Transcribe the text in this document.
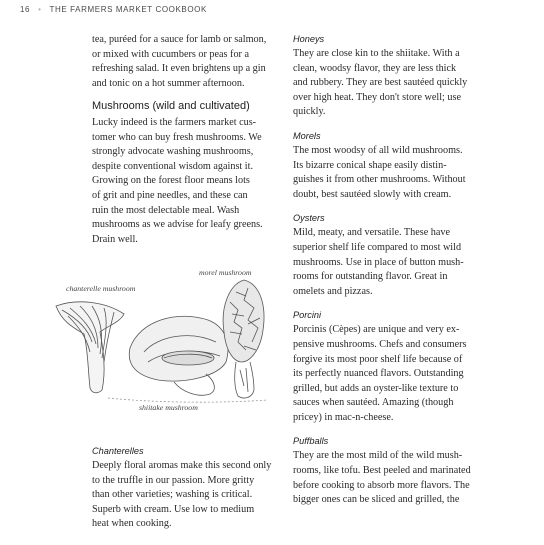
16 • THE FARMERS MARKET COOKBOOK

tea, puréed for a sauce for lamb or salmon,
or mixed with cucumbers or peas for a
refreshing salad. It even brightens up a gin
and tonic on a hot summer afternoon.

Mushrooms (wild and cultivated)

Lucky indeed is the farmers market cus-
tomer who can buy fresh mushrooms. We
strongly advocate washing mushrooms,
despite conventional wisdom against it.
Growing on the forest floor means lots
of grit and pine needles, and these can
ruin the most delectable meal. Wash
mushrooms as we advise for leafy greens.
Drain well.

chanterelle mushroom
morel mushroom
shiitake mushroom
Chanterelles

Deeply floral aromas make this second only
to the truffle in our passion. More gritty
than other varieties; washing is critical.
Superb with cream. Use low to medium
heat when cooking.

Honeys

They are close kin to the shiitake. With a
clean, woodsy flavor, they are less thick
and rubbery. They are best sautéed quickly
over high heat. They don't store well; use
quickly.

Morels

The most woodsy of all wild mushrooms.
Its bizarre conical shape easily distin-
guishes it from other mushrooms. Without
doubt, best sautéed slowly with cream.

Oysters

Mild, meaty, and versatile. These have
superior shelf life compared to most wild
mushrooms. Use in place of button mush-
rooms for outstanding flavor. Great in
omelets and pizzas.

Porcini

Porcinis (Cèpes) are unique and very ex-
pensive mushrooms. Chefs and consumers
forgive its most poor shelf life because of
its perfectly nuanced flavors. Outstanding
grilled, but adds an oyster-like texture to
sauces when sautéed. Amazing (though
pricey) in mac-n-cheese.

Puffballs

They are the most mild of the wild mush-
rooms, like tofu. Best peeled and marinated
before cooking to absorb more flavors. The
bigger ones can be sliced and grilled, the
